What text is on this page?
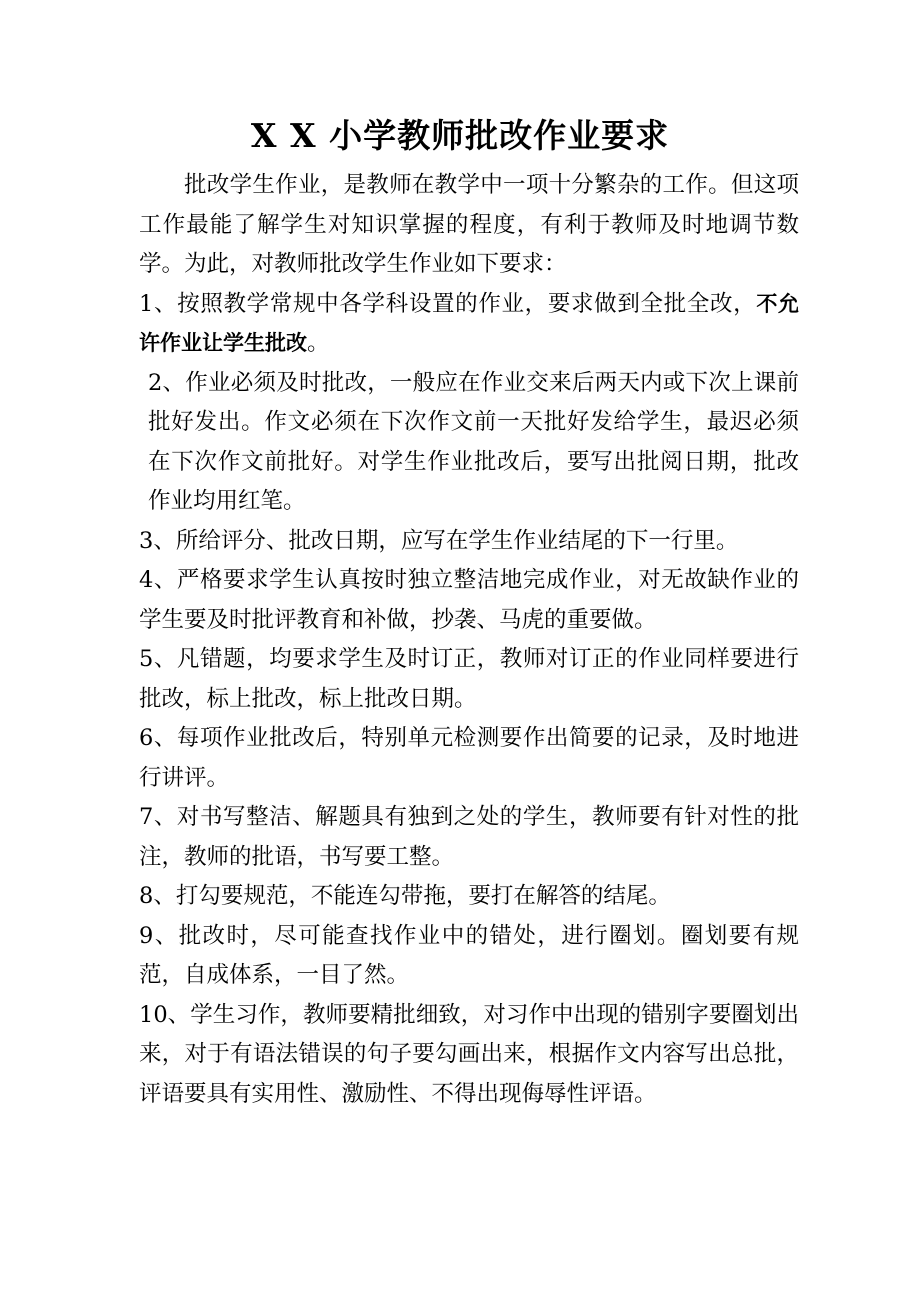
X X 小学教师批改作业要求

批改学生作业，是教师在教学中一项十分繁杂的工作。但这项工作最能了解学生对知识掌握的程度，有利于教师及时地调节数学。为此，对教师批改学生作业如下要求：

1、按照教学常规中各学科设置的作业，要求做到全批全改，不允许作业让学生批改。

2、作业必须及时批改，一般应在作业交来后两天内或下次上课前批好发出。作文必须在下次作文前一天批好发给学生，最迟必须在下次作文前批好。对学生作业批改后，要写出批阅日期，批改作业均用红笔。

3、所给评分、批改日期，应写在学生作业结尾的下一行里。

4、严格要求学生认真按时独立整洁地完成作业，对无故缺作业的学生要及时批评教育和补做，抄袭、马虎的重要做。

5、凡错题，均要求学生及时订正，教师对订正的作业同样要进行批改，标上批改，标上批改日期。

6、每项作业批改后，特别单元检测要作出简要的记录，及时地进行讲评。

7、对书写整洁、解题具有独到之处的学生，教师要有针对性的批注，教师的批语，书写要工整。

8、打勾要规范，不能连勾带拖，要打在解答的结尾。

9、批改时，尽可能查找作业中的错处，进行圈划。圈划要有规范，自成体系，一目了然。

10、学生习作，教师要精批细致，对习作中出现的错别字要圈划出来，对于有语法错误的句子要勾画出来，根据作文内容写出总批，评语要具有实用性、激励性、不得出现侮辱性评语。
